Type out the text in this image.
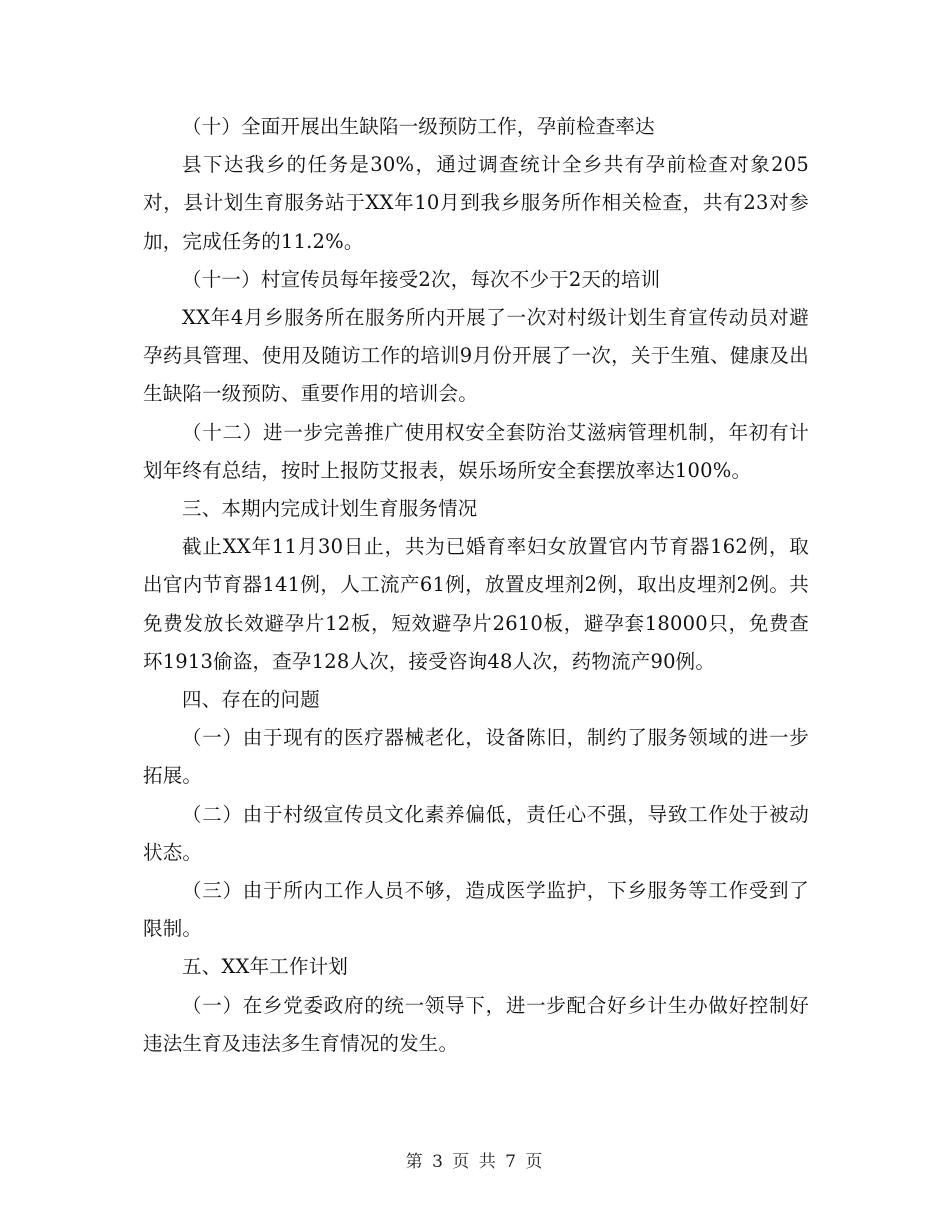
（十）全面开展出生缺陷一级预防工作，孕前检查率达

县下达我乡的任务是30%，通过调查统计全乡共有孕前检查对象205对，县计划生育服务站于XX年10月到我乡服务所作相关检查，共有23对参加，完成任务的11.2%。

（十一）村宣传员每年接受2次，每次不少于2天的培训

XX年4月乡服务所在服务所内开展了一次对村级计划生育宣传动员对避孕药具管理、使用及随访工作的培训9月份开展了一次，关于生殖、健康及出生缺陷一级预防、重要作用的培训会。

（十二）进一步完善推广使用权安全套防治艾滋病管理机制，年初有计划年终有总结，按时上报防艾报表，娱乐场所安全套摆放率达100%。

三、本期内完成计划生育服务情况

截止XX年11月30日止，共为已婚育率妇女放置官内节育器162例，取出官内节育器141例，人工流产61例，放置皮埋剂2例，取出皮埋剂2例。共免费发放长效避孕片12板，短效避孕片2610板，避孕套18000只，免费查环1913偷盗，查孕128人次，接受咨询48人次，药物流产90例。

四、存在的问题

（一）由于现有的医疗器械老化，设备陈旧，制约了服务领域的进一步拓展。

（二）由于村级宣传员文化素养偏低，责任心不强，导致工作处于被动状态。

（三）由于所内工作人员不够，造成医学监护，下乡服务等工作受到了限制。

五、XX年工作计划

（一）在乡党委政府的统一领导下，进一步配合好乡计生办做好控制好违法生育及违法多生育情况的发生。

第 3 页 共 7 页
